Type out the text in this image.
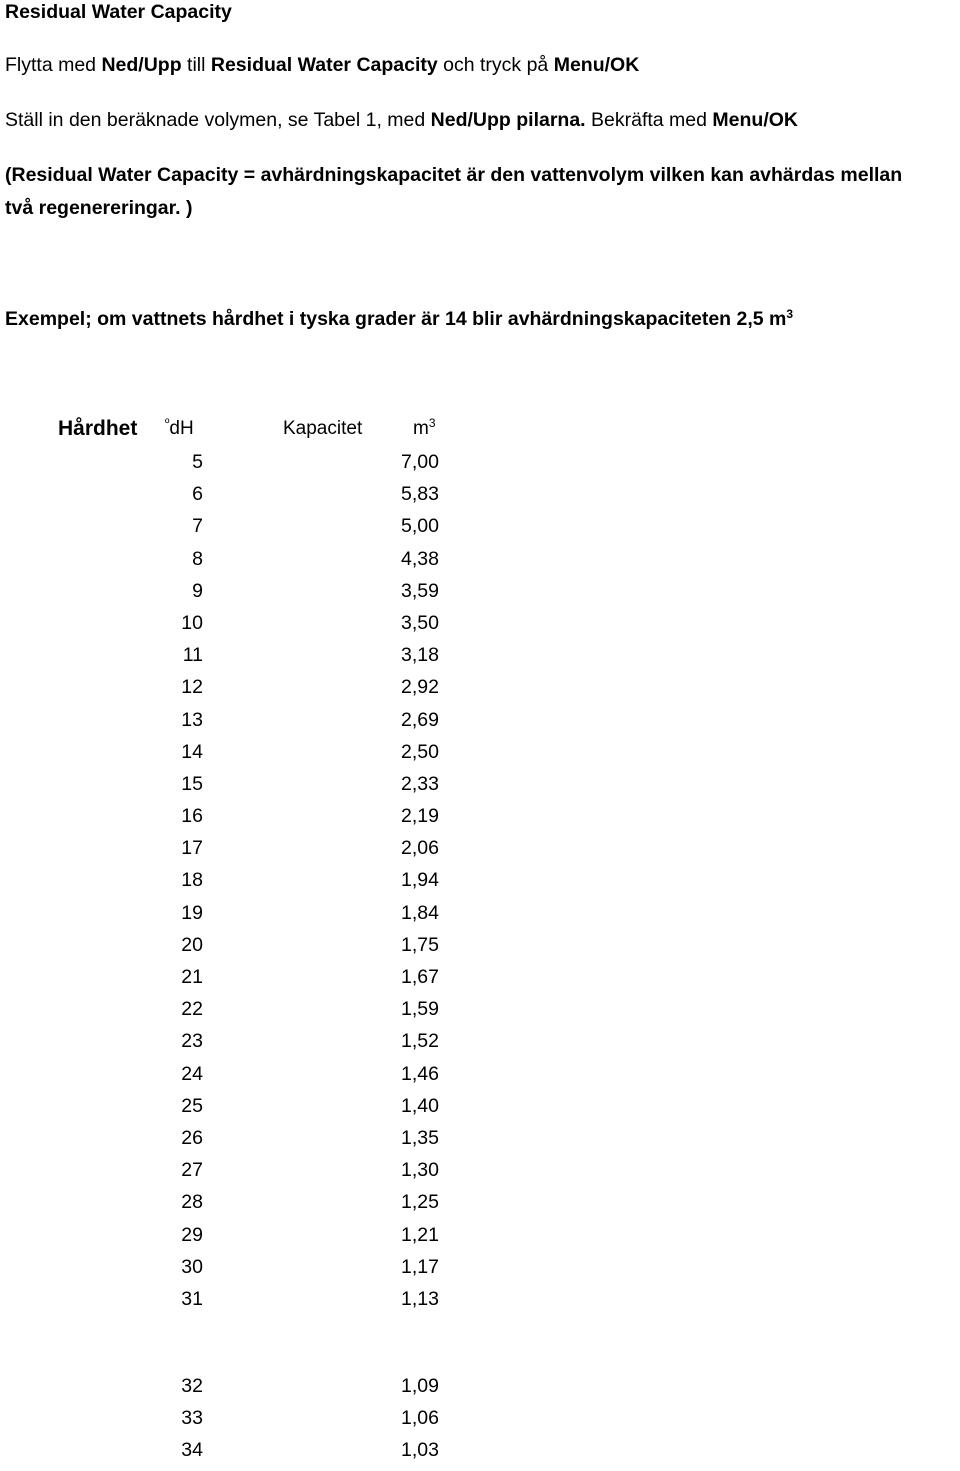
Residual Water Capacity
Flytta med Ned/Upp till Residual Water Capacity och tryck på Menu/OK
Ställ in den beräknade volymen, se Tabel 1, med Ned/Upp pilarna. Bekräfta med Menu/OK
(Residual Water Capacity = avhärdningskapacitet är den vattenvolym vilken kan avhärdas mellan
två regenereringar. )
Exempel; om vattnets hårdhet i tyska grader är 14 blir avhärdningskapaciteten 2,5 $m^3$
Hårdhet $^º$dH	Kapacitet	$m^3$
5	7,00
6	5,83
7	5,00
8	4,38
9	3,59
10	3,50
11	3,18
12	2,92
13	2,69
14	2,50
15	2,33
16	2,19
17	2,06
18	1,94
19	1,84
20	1,75
21	1,67
22	1,59
23	1,52
24	1,46
25	1,40
26	1,35
27	1,30
28	1,25
29	1,21
30	1,17
31	1,13
32	1,09
33	1,06
34	1,03
